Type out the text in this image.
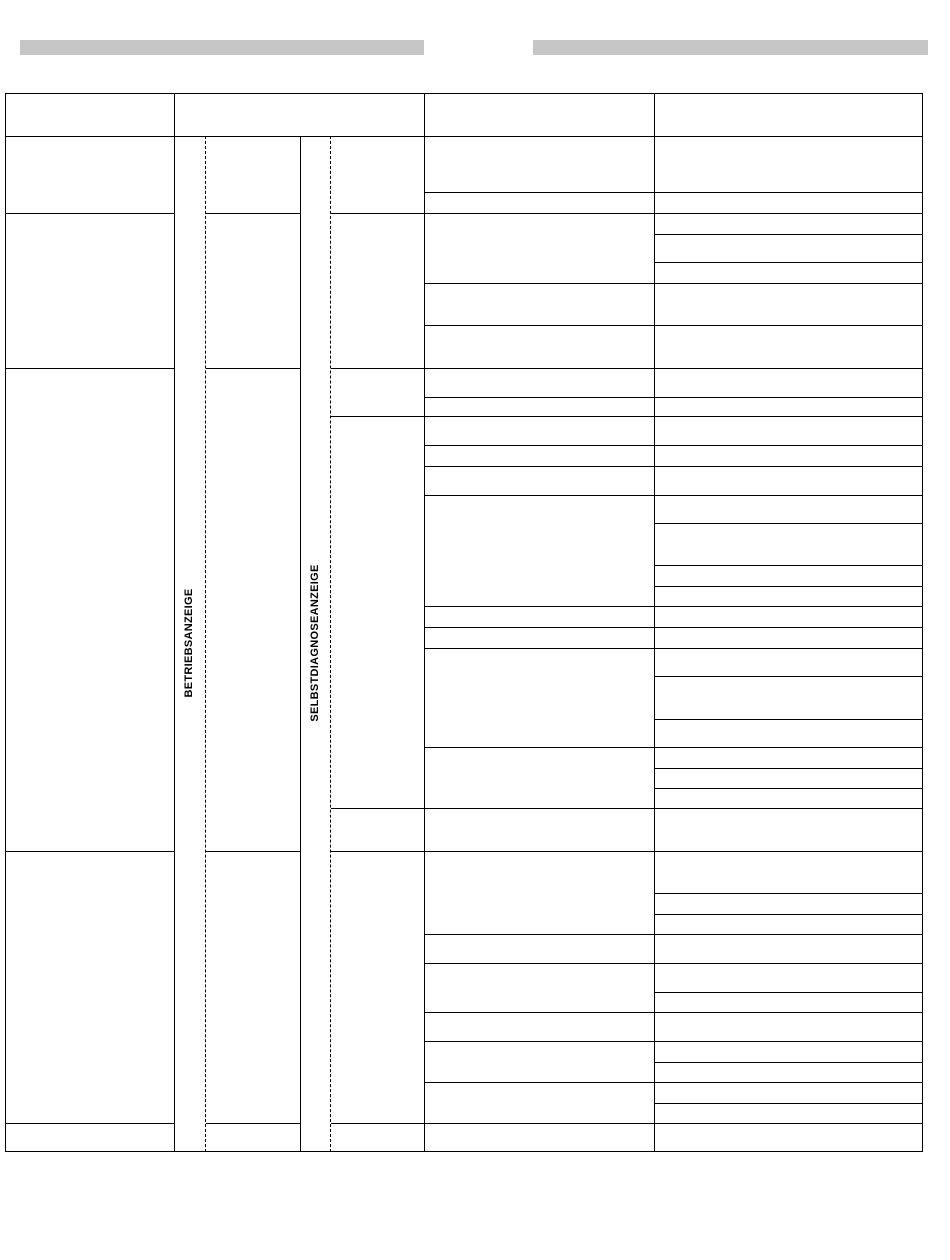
BETRIEBSANZEIGE	SELBSTDIAGNOSEANZEIGE
